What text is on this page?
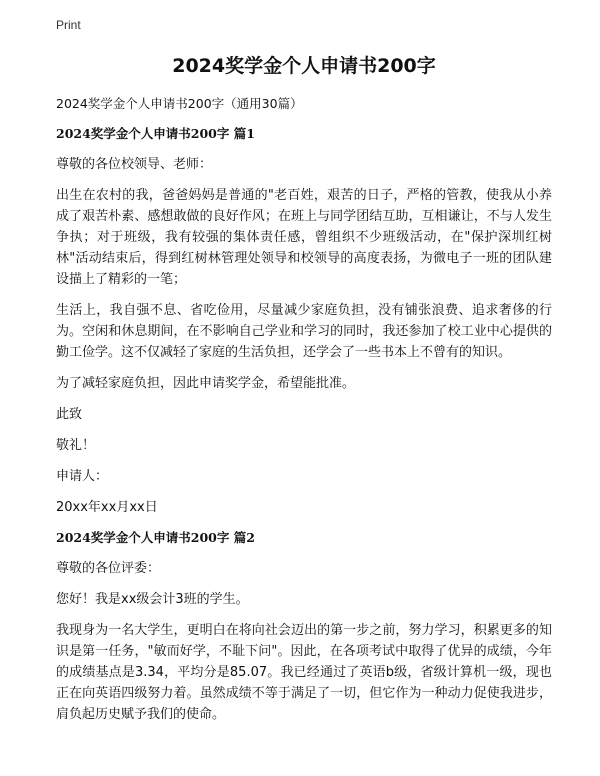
Print
2024奖学金个人申请书200字

2024奖学金个人申请书200字（通用30篇）

2024奖学金个人申请书200字 篇1

尊敬的各位校领导、老师：

出生在农村的我，爸爸妈妈是普通的"老百姓，艰苦的日子，严格的管教，使我从小养成了艰苦朴素、感想敢做的良好作风；在班上与同学团结互助，互相谦让，不与人发生争执；对于班级，我有较强的集体责任感，曾组织不少班级活动，在"保护深圳红树林"活动结束后，得到红树林管理处领导和校领导的高度表扬，为微电子一班的团队建设描上了精彩的一笔；

生活上，我自强不息、省吃俭用，尽量减少家庭负担，没有铺张浪费、追求奢侈的行为。空闲和休息期间，在不影响自己学业和学习的同时，我还参加了校工业中心提供的勤工俭学。这不仅减轻了家庭的生活负担，还学会了一些书本上不曾有的知识。

为了减轻家庭负担，因此申请奖学金，希望能批准。

此致

敬礼！

申请人：

20xx年xx月xx日

2024奖学金个人申请书200字 篇2

尊敬的各位评委：

您好！我是xx级会计3班的学生。

我现身为一名大学生，更明白在将向社会迈出的第一步之前，努力学习，积累更多的知识是第一任务，"敏而好学，不耻下问"。因此，在各项考试中取得了优异的成绩，今年的成绩基点是3.34，平均分是85.07。我已经通过了英语b级，省级计算机一级，现也正在向英语四级努力着。虽然成绩不等于满足了一切，但它作为一种动力促使我进步，肩负起历史赋予我们的使命。
